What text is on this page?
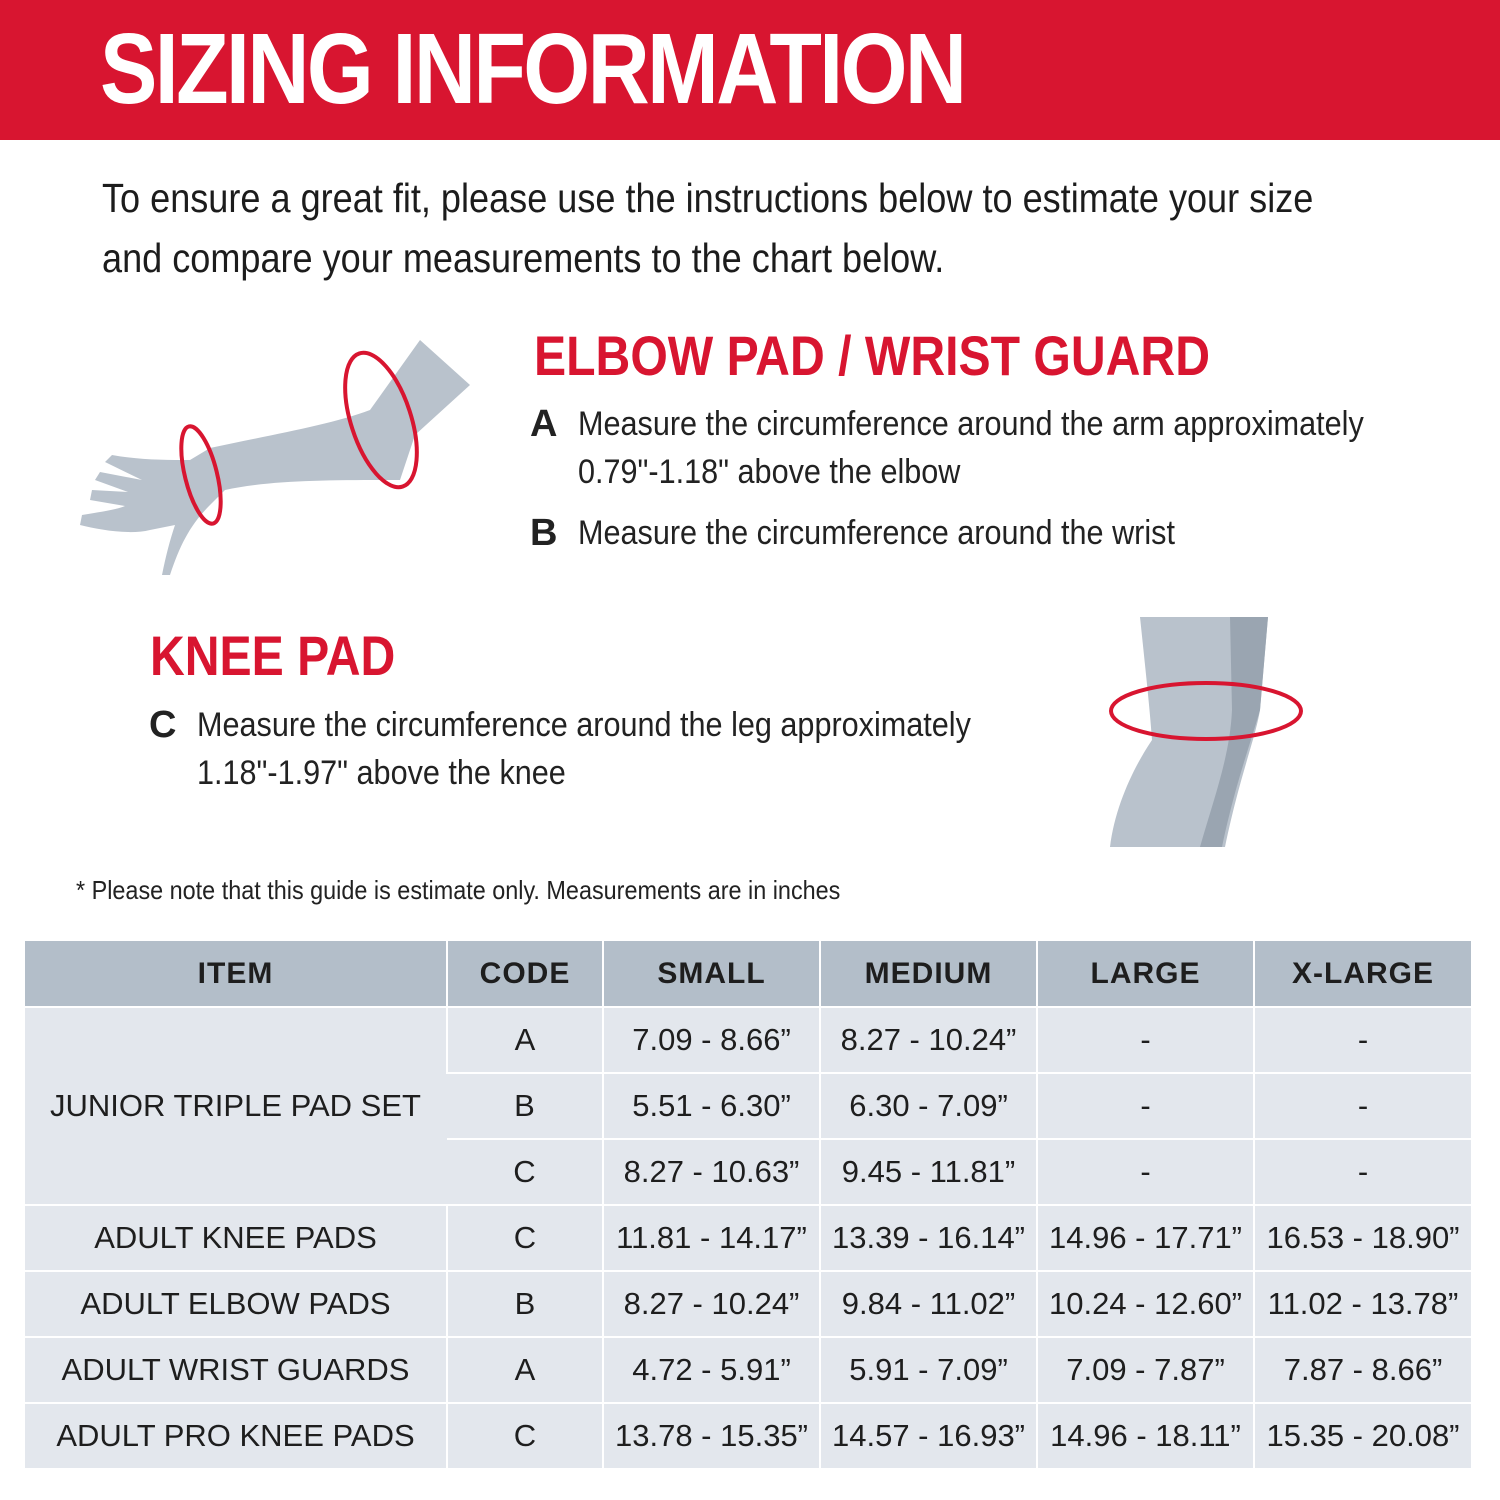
SIZING INFORMATION

To ensure a great fit, please use the instructions below to estimate your size
and compare your measurements to the chart below.

ELBOW PAD / WRIST GUARD
A Measure the circumference around the arm approximately
0.79"-1.18" above the elbow
B Measure the circumference around the wrist
KNEE PAD
C Measure the circumference around the leg approximately
1.18"-1.97" above the knee
* Please note that this guide is estimate only. Measurements are in inches
ITEM	CODE	SMALL	MEDIUM	LARGE	X-LARGE
JUNIOR TRIPLE PAD SET	A	7.09 - 8.66”	8.27 - 10.24”	-	-
	B	5.51 - 6.30”	6.30 - 7.09”	-	-
	C	8.27 - 10.63”	9.45 - 11.81”	-	-
ADULT KNEE PADS	C	11.81 - 14.17”	13.39 - 16.14”	14.96 - 17.71”	16.53 - 18.90”
ADULT ELBOW PADS	B	8.27 - 10.24”	9.84 - 11.02”	10.24 - 12.60”	11.02 - 13.78”
ADULT WRIST GUARDS	A	4.72 - 5.91”	5.91 - 7.09”	7.09 - 7.87”	7.87 - 8.66”
ADULT PRO KNEE PADS	C	13.78 - 15.35”	14.57 - 16.93”	14.96 - 18.11”	15.35 - 20.08”
